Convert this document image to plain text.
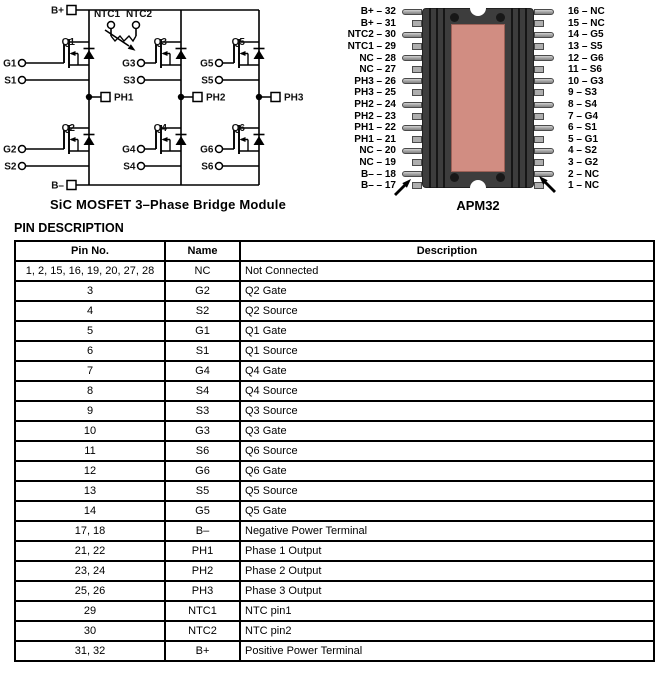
B+
B–
NTC1 NTC2
Q1	Q3	Q5
Q2	Q4	Q6
G1
S1
G3
S3
G5
S5
G2
S2
G4
S4
G6
S6
PH1	PH2	PH3
SiC MOSFET 3–Phase Bridge Module
B+ – 32
B+ – 31
NTC2 – 30
NTC1 – 29
NC – 28
NC – 27
PH3 – 26
PH3 – 25
PH2 – 24
PH2 – 23
PH1 – 22
PH1 – 21
NC – 20
NC – 19
B– – 18
B– – 17
16 – NC
15 – NC
14 – G5
13 – S5
12 – G6
11 – S6
10 – G3
9 – S3
8 – S4
7 – G4
6 – S1
5 – G1
4 – S2
3 – G2
2 – NC
1 – NC
APM32
PIN DESCRIPTION
Pin No.	Name	Description
1, 2, 15, 16, 19, 20, 27, 28	NC	Not Connected
3	G2	Q2 Gate
4	S2	Q2 Source
5	G1	Q1 Gate
6	S1	Q1 Source
7	G4	Q4 Gate
8	S4	Q4 Source
9	S3	Q3 Source
10	G3	Q3 Gate
11	S6	Q6 Source
12	G6	Q6 Gate
13	S5	Q5 Source
14	G5	Q5 Gate
17, 18	B–	Negative Power Terminal
21, 22	PH1	Phase 1 Output
23, 24	PH2	Phase 2 Output
25, 26	PH3	Phase 3 Output
29	NTC1	NTC pin1
30	NTC2	NTC pin2
31, 32	B+	Positive Power Terminal
